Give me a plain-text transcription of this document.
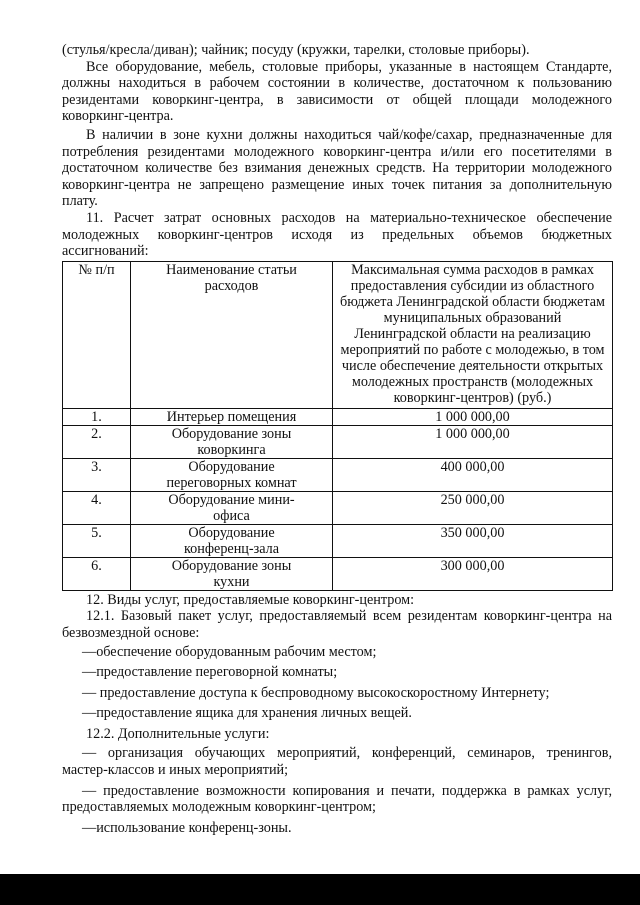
(стулья/кресла/диван); чайник; посуду (кружки, тарелки, столовые приборы).

Все оборудование, мебель, столовые приборы, указанные в настоящем Стандарте, должны находиться в рабочем состоянии в количестве, достаточном к пользованию резидентами коворкинг-центра, в зависимости от общей площади молодежного коворкинг-центра.

В наличии в зоне кухни должны находиться чай/кофе/сахар, предназначенные для потребления резидентами молодежного коворкинг-центра и/или его посетителями в достаточном количестве без взимания денежных средств. На территории молодежного коворкинг-центра не запрещено размещение иных точек питания за дополнительную плату.

11. Расчет затрат основных расходов на материально-техническое обеспечение молодежных коворкинг-центров исходя из предельных объемов бюджетных ассигнований:

№ п/п	Наименование статьи расходов	Максимальная сумма расходов в рамках предоставления субсидии из областного бюджета Ленинградской области бюджетам муниципальных образований Ленинградской области на реализацию мероприятий по работе с молодежью, в том числе обеспечение деятельности открытых молодежных пространств (молодежных коворкинг-центров) (руб.)
1.	Интерьер помещения	1 000 000,00
2.	Оборудование зоны коворкинга	1 000 000,00
3.	Оборудование переговорных комнат	400 000,00
4.	Оборудование мини-офиса	250 000,00
5.	Оборудование конференц-зала	350 000,00
6.	Оборудование зоны кухни	300 000,00

12. Виды услуг, предоставляемые коворкинг-центром:

12.1. Базовый пакет услуг, предоставляемый всем резидентам коворкинг-центра на безвозмездной основе:

—обеспечение оборудованным рабочим местом;

—предоставление переговорной комнаты;

— предоставление доступа к беспроводному высокоскоростному Интернету;

—предоставление ящика для хранения личных вещей.

12.2. Дополнительные услуги:

— организация обучающих мероприятий, конференций, семинаров, тренингов, мастер-классов и иных мероприятий;

— предоставление возможности копирования и печати, поддержка в рамках услуг, предоставляемых молодежным коворкинг-центром;

—использование конференц-зоны.
